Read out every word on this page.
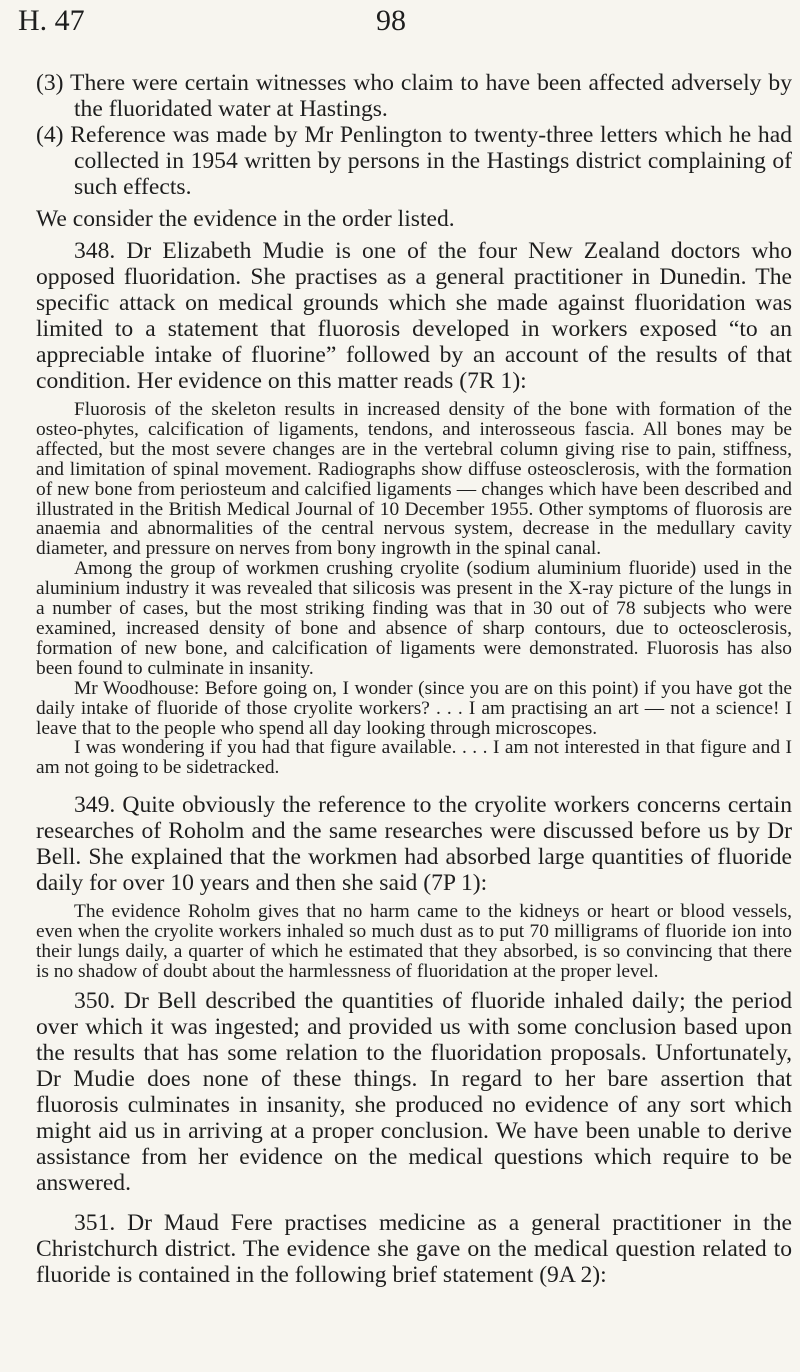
H. 47	98

(3) There were certain witnesses who claim to have been affected adversely by the fluoridated water at Hastings.

(4) Reference was made by Mr Penlington to twenty-three letters which he had collected in 1954 written by persons in the Hastings district complaining of such effects.

We consider the evidence in the order listed.

348. Dr Elizabeth Mudie is one of the four New Zealand doctors who opposed fluoridation. She practises as a general practitioner in Dunedin. The specific attack on medical grounds which she made against fluoridation was limited to a statement that fluorosis developed in workers exposed “to an appreciable intake of fluorine” followed by an account of the results of that condition. Her evidence on this matter reads (7R 1):

Fluorosis of the skeleton results in increased density of the bone with formation of the osteo-phytes, calcification of ligaments, tendons, and interosseous fascia. All bones may be affected, but the most severe changes are in the vertebral column giving rise to pain, stiffness, and limitation of spinal movement. Radiographs show diffuse osteosclerosis, with the formation of new bone from periosteum and calcified ligaments — changes which have been described and illustrated in the British Medical Journal of 10 December 1955. Other symptoms of fluorosis are anaemia and abnormalities of the central nervous system, decrease in the medullary cavity diameter, and pressure on nerves from bony ingrowth in the spinal canal.

Among the group of workmen crushing cryolite (sodium aluminium fluoride) used in the aluminium industry it was revealed that silicosis was present in the X-ray picture of the lungs in a number of cases, but the most striking finding was that in 30 out of 78 subjects who were examined, increased density of bone and absence of sharp contours, due to octeosclerosis, formation of new bone, and calcification of ligaments were demonstrated. Fluorosis has also been found to culminate in insanity.

Mr Woodhouse: Before going on, I wonder (since you are on this point) if you have got the daily intake of fluoride of those cryolite workers? . . . I am practising an art — not a science! I leave that to the people who spend all day looking through microscopes.

I was wondering if you had that figure available. . . . I am not interested in that figure and I am not going to be sidetracked.

349. Quite obviously the reference to the cryolite workers concerns certain researches of Roholm and the same researches were discussed before us by Dr Bell. She explained that the workmen had absorbed large quantities of fluoride daily for over 10 years and then she said (7P 1):

The evidence Roholm gives that no harm came to the kidneys or heart or blood vessels, even when the cryolite workers inhaled so much dust as to put 70 milligrams of fluoride ion into their lungs daily, a quarter of which he estimated that they absorbed, is so convincing that there is no shadow of doubt about the harmlessness of fluoridation at the proper level.

350. Dr Bell described the quantities of fluoride inhaled daily; the period over which it was ingested; and provided us with some conclusion based upon the results that has some relation to the fluoridation proposals. Unfortunately, Dr Mudie does none of these things. In regard to her bare assertion that fluorosis culminates in insanity, she produced no evidence of any sort which might aid us in arriving at a proper conclusion. We have been unable to derive assistance from her evidence on the medical questions which require to be answered.

351. Dr Maud Fere practises medicine as a general practitioner in the Christchurch district. The evidence she gave on the medical question related to fluoride is contained in the following brief statement (9A 2):
